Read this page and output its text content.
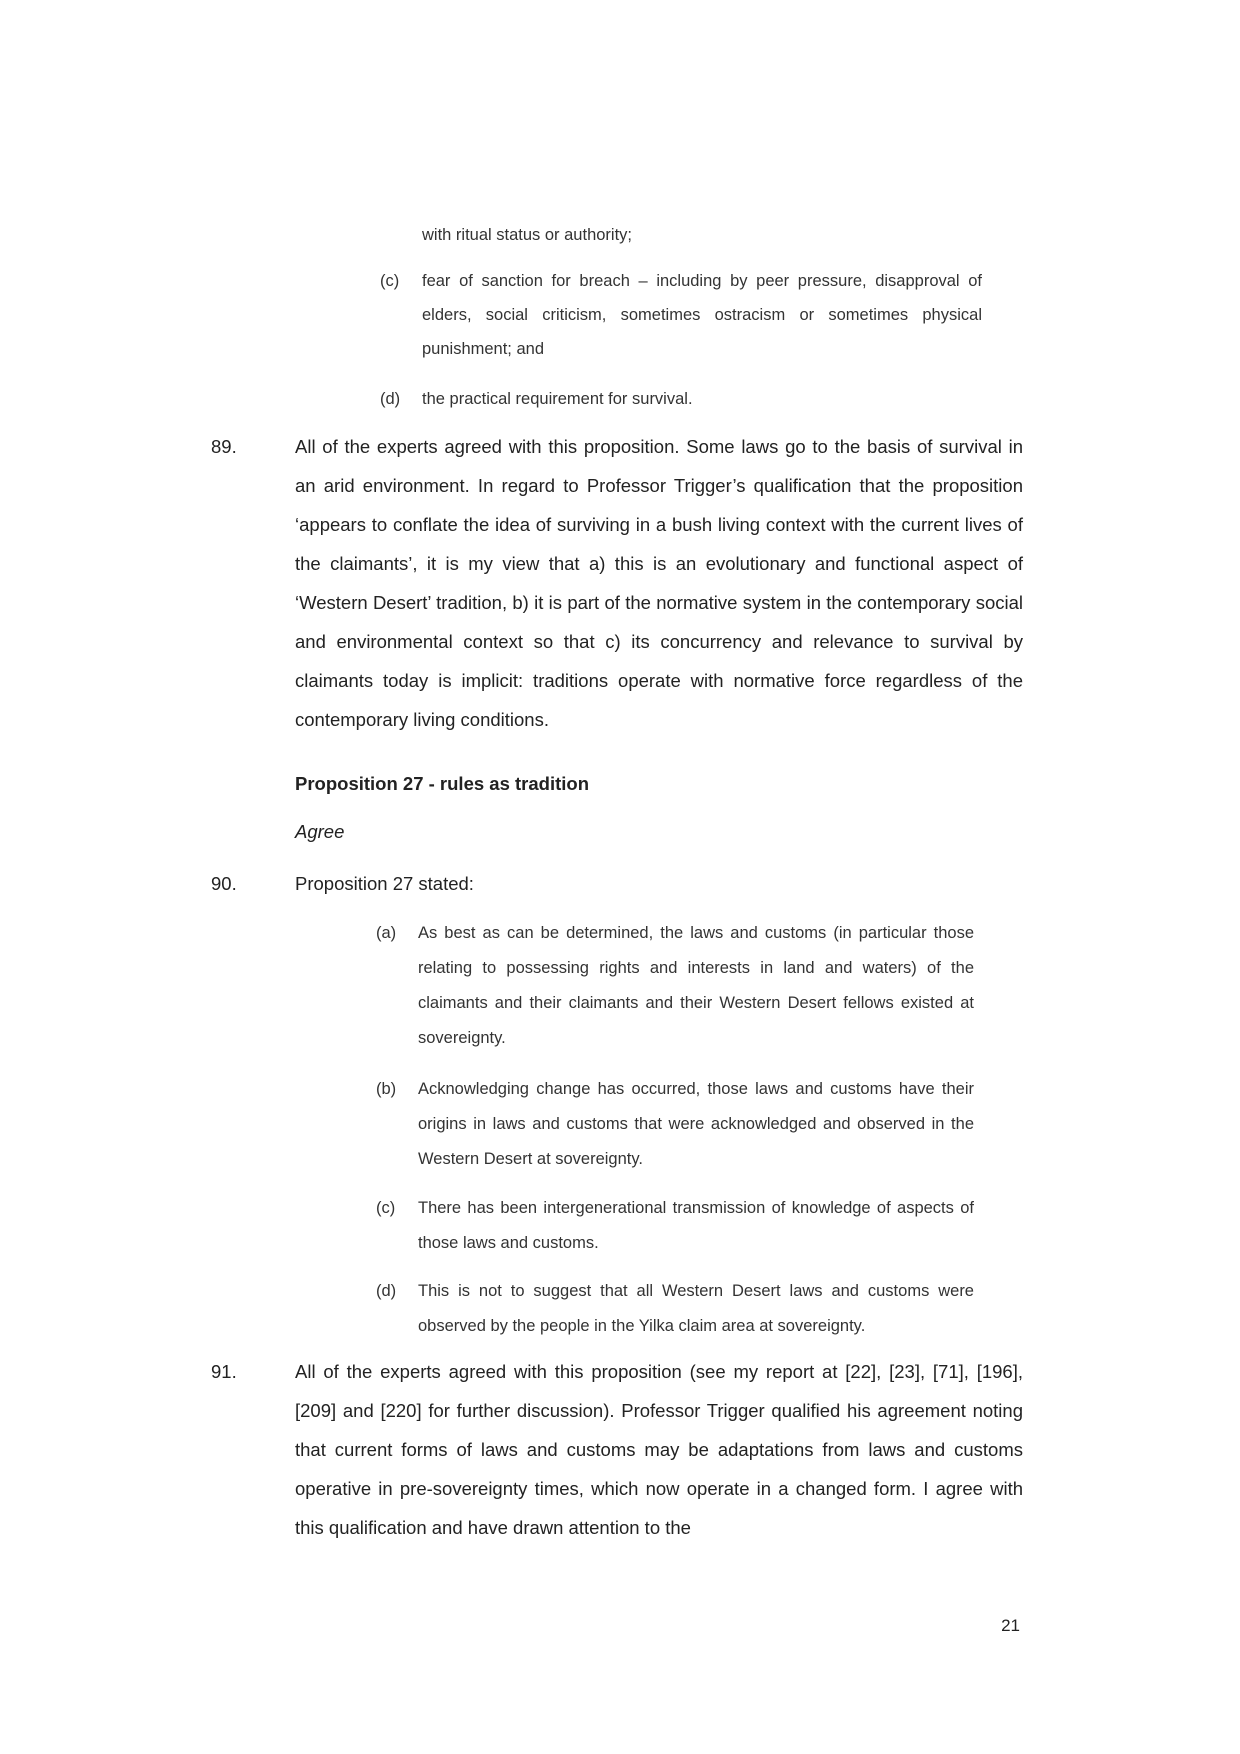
with ritual status or authority;
(c)	fear of sanction for breach – including by peer pressure, disapproval of elders, social criticism, sometimes ostracism or sometimes physical punishment; and
(d)	the practical requirement for survival.
89.	All of the experts agreed with this proposition. Some laws go to the basis of survival in an arid environment. In regard to Professor Trigger’s qualification that the proposition ‘appears to conflate the idea of surviving in a bush living context with the current lives of the claimants’, it is my view that a) this is an evolutionary and functional aspect of ‘Western Desert’ tradition, b) it is part of the normative system in the contemporary social and environmental context so that c) its concurrency and relevance to survival by claimants today is implicit: traditions operate with normative force regardless of the contemporary living conditions.
Proposition 27 - rules as tradition
Agree
90.	Proposition 27 stated:
(a)	As best as can be determined, the laws and customs (in particular those relating to possessing rights and interests in land and waters) of the claimants and their claimants and their Western Desert fellows existed at sovereignty.
(b)	Acknowledging change has occurred, those laws and customs have their origins in laws and customs that were acknowledged and observed in the Western Desert at sovereignty.
(c)	There has been intergenerational transmission of knowledge of aspects of those laws and customs.
(d)	This is not to suggest that all Western Desert laws and customs were observed by the people in the Yilka claim area at sovereignty.
91.	All of the experts agreed with this proposition (see my report at [22], [23], [71], [196], [209] and [220] for further discussion). Professor Trigger qualified his agreement noting that current forms of laws and customs may be adaptations from laws and customs operative in pre-sovereignty times, which now operate in a changed form. I agree with this qualification and have drawn attention to the
21
